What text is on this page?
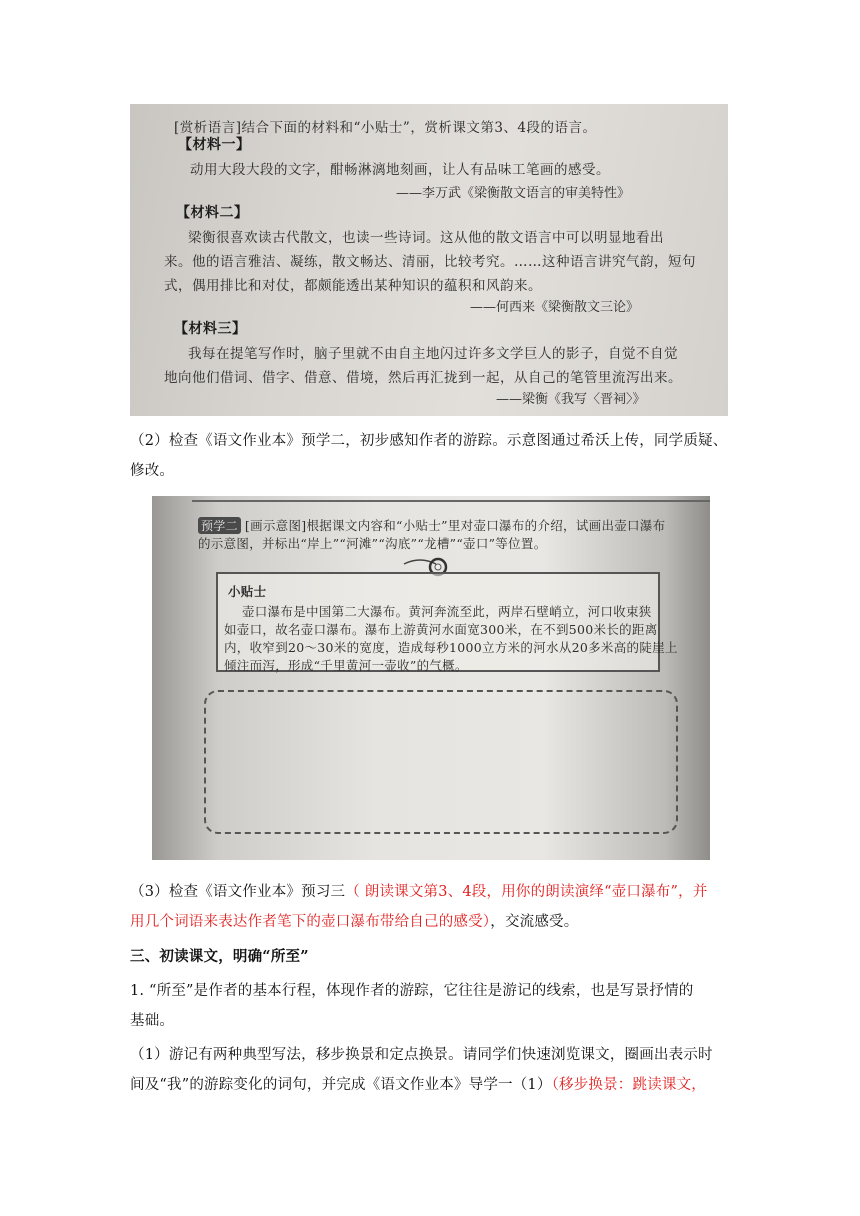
[赏析语言]结合下面的材料和“小贴士”，赏析课文第3、4段的语言。
【材料一】
动用大段大段的文字，酣畅淋漓地刻画，让人有品味工笔画的感受。
——李万武《梁衡散文语言的审美特性》
【材料二】
梁衡很喜欢读古代散文，也读一些诗词。这从他的散文语言中可以明显地看出
来。他的语言雅洁、凝练，散文畅达、清丽，比较考究。……这种语言讲究气韵，短句
式，偶用排比和对仗，都颇能透出某种知识的蕴积和风韵来。
——何西来《梁衡散文三论》
【材料三】
我每在提笔写作时，脑子里就不由自主地闪过许多文学巨人的影子，自觉不自觉
地向他们借词、借字、借意、借境，然后再汇拢到一起，从自己的笔管里流泻出来。
——梁衡《我写〈晋祠〉》
（2）检查《语文作业本》预学二，初步感知作者的游踪。示意图通过希沃上传，同学质疑、
修改。
预学二 [画示意图]根据课文内容和“小贴士”里对壶口瀑布的介绍，试画出壶口瀑布
的示意图，并标出“岸上”“河滩”“沟底”“龙槽”“壶口”等位置。
小贴士
壶口瀑布是中国第二大瀑布。黄河奔流至此，两岸石壁峭立，河口收束狭
如壶口，故名壶口瀑布。瀑布上游黄河水面宽300米，在不到500米长的距离
内，收窄到20～30米的宽度，造成每秒1000立方米的河水从20多米高的陡崖上
倾注而泻，形成“千里黄河一壶收”的气概。
（3）检查《语文作业本》预习三（ 朗读课文第3、4段，用你的朗读演绎“壶口瀑布”，并
用几个词语来表达作者笔下的壶口瀑布带给自己的感受），交流感受。
三、初读课文，明确“所至”
1. “所至”是作者的基本行程，体现作者的游踪，它往往是游记的线索，也是写景抒情的
基础。
（1）游记有两种典型写法，移步换景和定点换景。请同学们快速浏览课文，圈画出表示时
间及“我”的游踪变化的词句，并完成《语文作业本》导学一（1）（移步换景：跳读课文，
